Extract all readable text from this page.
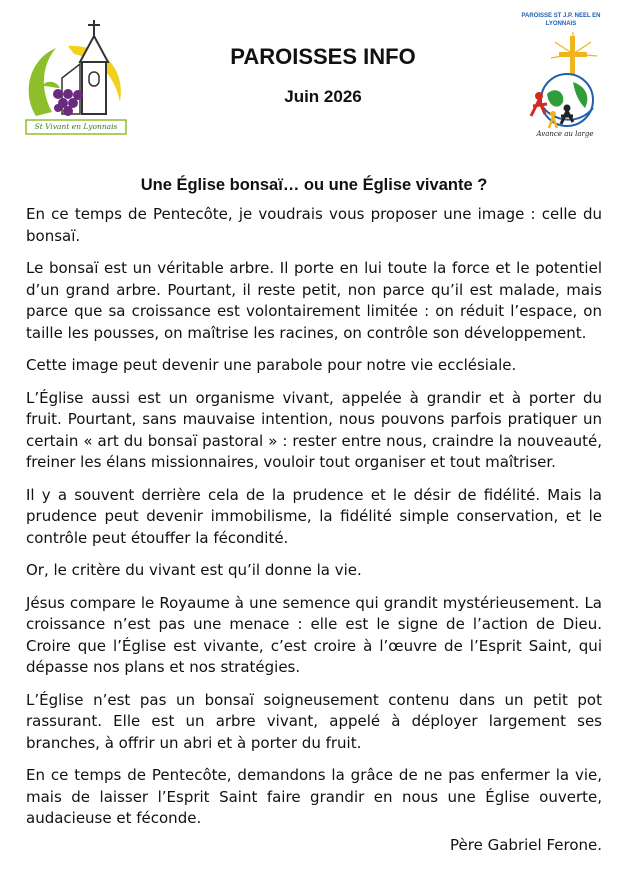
St Vivant en Lyonnais
PAROISSE ST J.P. NEEL EN LYONNAIS
Avance au large
PAROISSES INFO
Juin 2026
Une Église bonsaï… ou une Église vivante ?

En ce temps de Pentecôte, je voudrais vous proposer une image : celle du bonsaï.

Le bonsaï est un véritable arbre. Il porte en lui toute la force et le potentiel d’un grand arbre. Pourtant, il reste petit, non parce qu’il est malade, mais parce que sa croissance est volontairement limitée : on réduit l’espace, on taille les pousses, on maîtrise les racines, on contrôle son développement.

Cette image peut devenir une parabole pour notre vie ecclésiale.

L’Église aussi est un organisme vivant, appelée à grandir et à porter du fruit. Pourtant, sans mauvaise intention, nous pouvons parfois pratiquer un certain « art du bonsaï pastoral » : rester entre nous, craindre la nouveauté, freiner les élans missionnaires, vouloir tout organiser et tout maîtriser.

Il y a souvent derrière cela de la prudence et le désir de fidélité. Mais la prudence peut devenir immobilisme, la fidélité simple conservation, et le contrôle peut étouffer la fécondité.

Or, le critère du vivant est qu’il donne la vie.

Jésus compare le Royaume à une semence qui grandit mystérieusement. La croissance n’est pas une menace : elle est le signe de l’action de Dieu. Croire que l’Église est vivante, c’est croire à l’œuvre de l’Esprit Saint, qui dépasse nos plans et nos stratégies.

L’Église n’est pas un bonsaï soigneusement contenu dans un petit pot rassurant. Elle est un arbre vivant, appelé à déployer largement ses branches, à offrir un abri et à porter du fruit.

En ce temps de Pentecôte, demandons la grâce de ne pas enfermer la vie, mais de laisser l’Esprit Saint faire grandir en nous une Église ouverte, audacieuse et féconde.

Père Gabriel Ferone.
